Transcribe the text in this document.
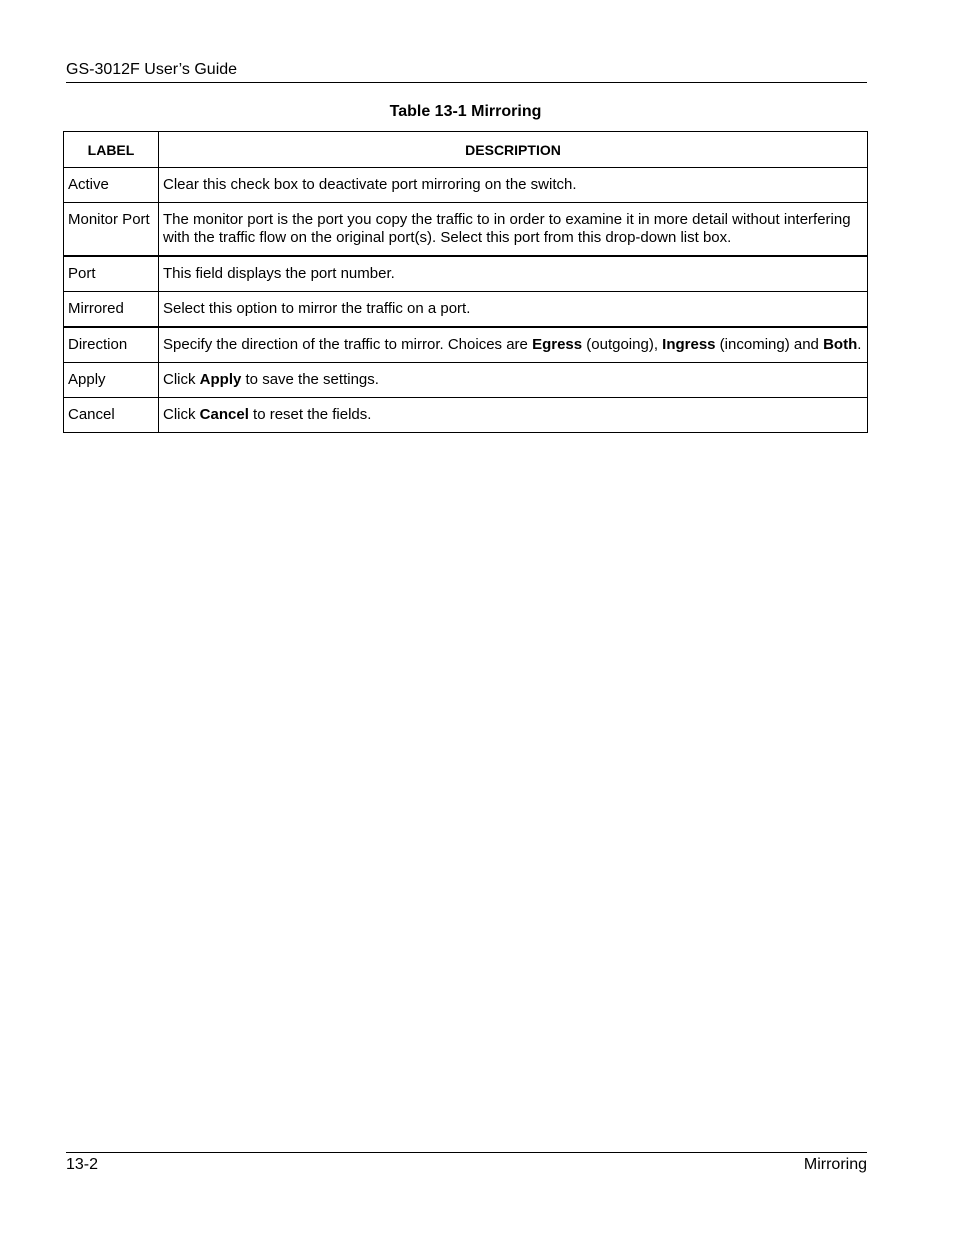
GS-3012F User’s Guide
Table 13-1 Mirroring
LABEL	DESCRIPTION
Active	Clear this check box to deactivate port mirroring on the switch.
Monitor Port	The monitor port is the port you copy the traffic to in order to examine it in more detail without interfering with the traffic flow on the original port(s). Select this port from this drop-down list box.
Port	This field displays the port number.
Mirrored	Select this option to mirror the traffic on a port.
Direction	Specify the direction of the traffic to mirror. Choices are Egress (outgoing), Ingress (incoming) and Both.
Apply	Click Apply to save the settings.
Cancel	Click Cancel to reset the fields.
13-2	Mirroring
